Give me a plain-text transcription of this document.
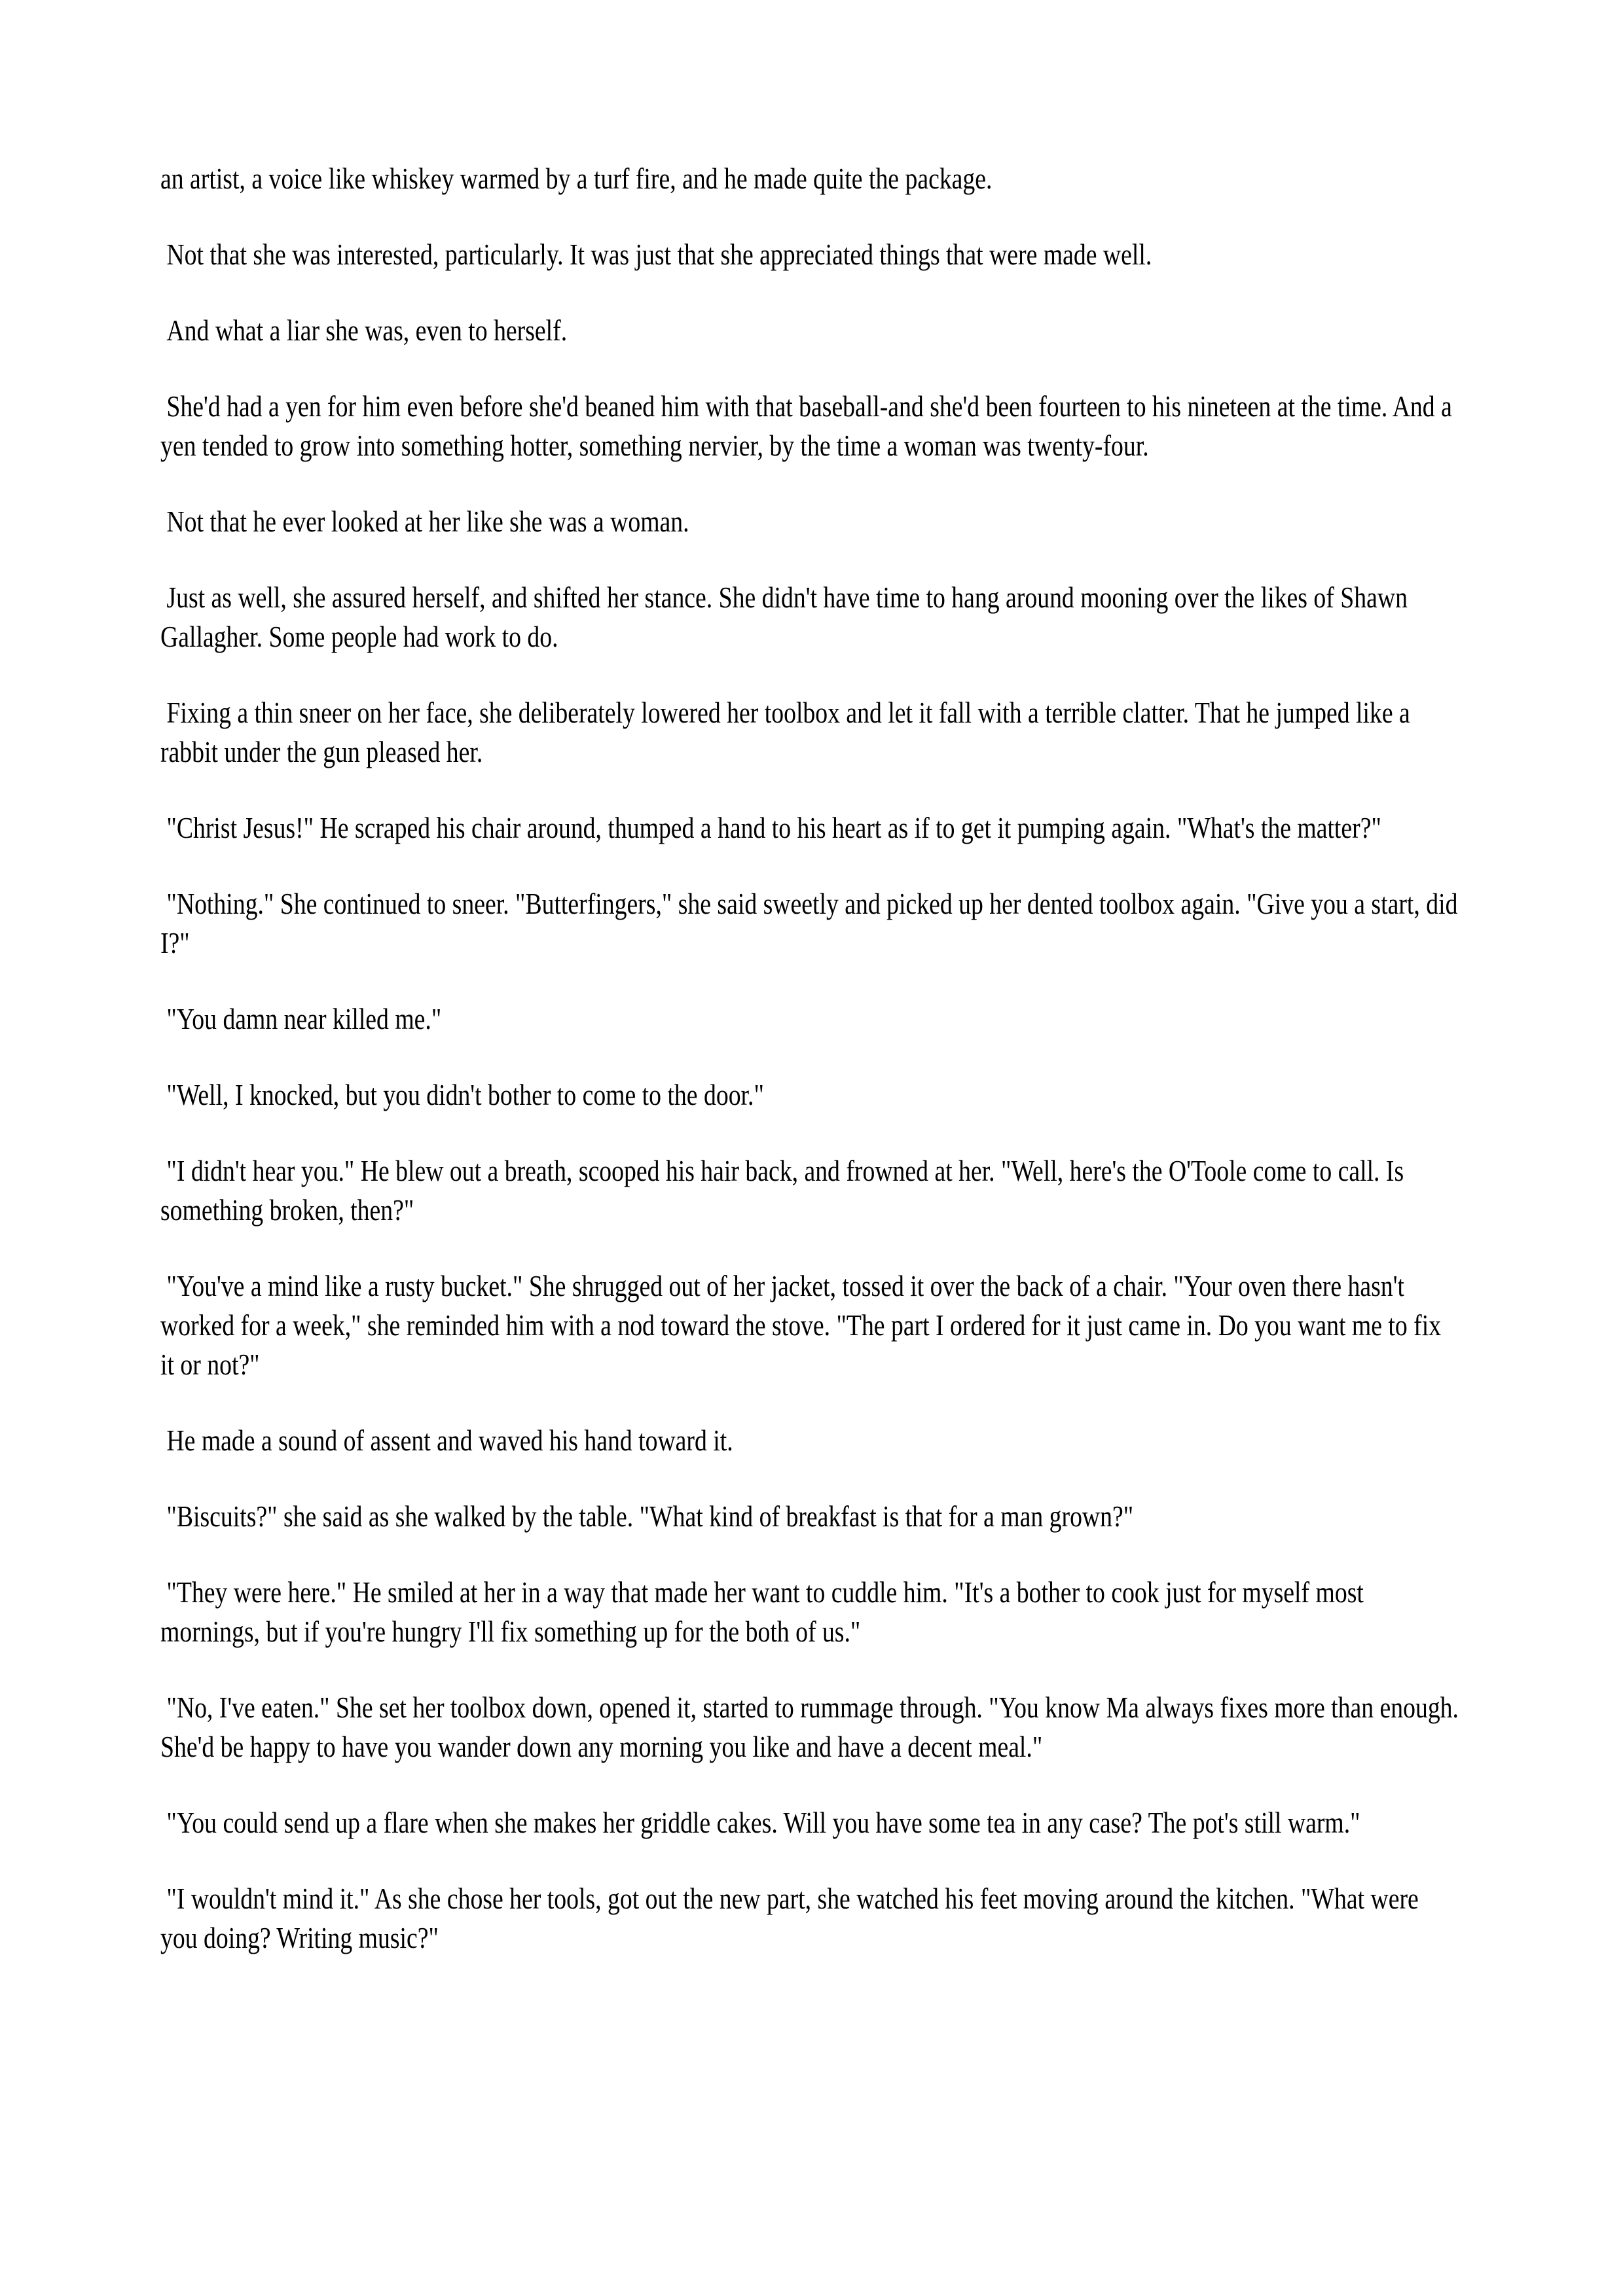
an artist, a voice like whiskey warmed by a turf fire, and he made quite the package.

Not that she was interested, particularly. It was just that she appreciated things that were made well.

And what a liar she was, even to herself.

She'd had a yen for him even before she'd beaned him with that baseball-and she'd been fourteen to his nineteen at the time. And a yen tended to grow into something hotter, something nervier, by the time a woman was twenty-four.

Not that he ever looked at her like she was a woman.

Just as well, she assured herself, and shifted her stance. She didn't have time to hang around mooning over the likes of Shawn Gallagher. Some people had work to do.

Fixing a thin sneer on her face, she deliberately lowered her toolbox and let it fall with a terrible clatter. That he jumped like a rabbit under the gun pleased her.

"Christ Jesus!" He scraped his chair around, thumped a hand to his heart as if to get it pumping again. "What's the matter?"

"Nothing." She continued to sneer. "Butterfingers," she said sweetly and picked up her dented toolbox again. "Give you a start, did I?"

"You damn near killed me."

"Well, I knocked, but you didn't bother to come to the door."

"I didn't hear you." He blew out a breath, scooped his hair back, and frowned at her. "Well, here's the O'Toole come to call. Is something broken, then?"

"You've a mind like a rusty bucket." She shrugged out of her jacket, tossed it over the back of a chair. "Your oven there hasn't worked for a week," she reminded him with a nod toward the stove. "The part I ordered for it just came in. Do you want me to fix it or not?"

He made a sound of assent and waved his hand toward it.

"Biscuits?" she said as she walked by the table. "What kind of breakfast is that for a man grown?"

"They were here." He smiled at her in a way that made her want to cuddle him. "It's a bother to cook just for myself most mornings, but if you're hungry I'll fix something up for the both of us."

"No, I've eaten." She set her toolbox down, opened it, started to rummage through. "You know Ma always fixes more than enough. She'd be happy to have you wander down any morning you like and have a decent meal."

"You could send up a flare when she makes her griddle cakes. Will you have some tea in any case? The pot's still warm."

"I wouldn't mind it." As she chose her tools, got out the new part, she watched his feet moving around the kitchen. "What were you doing? Writing music?"
